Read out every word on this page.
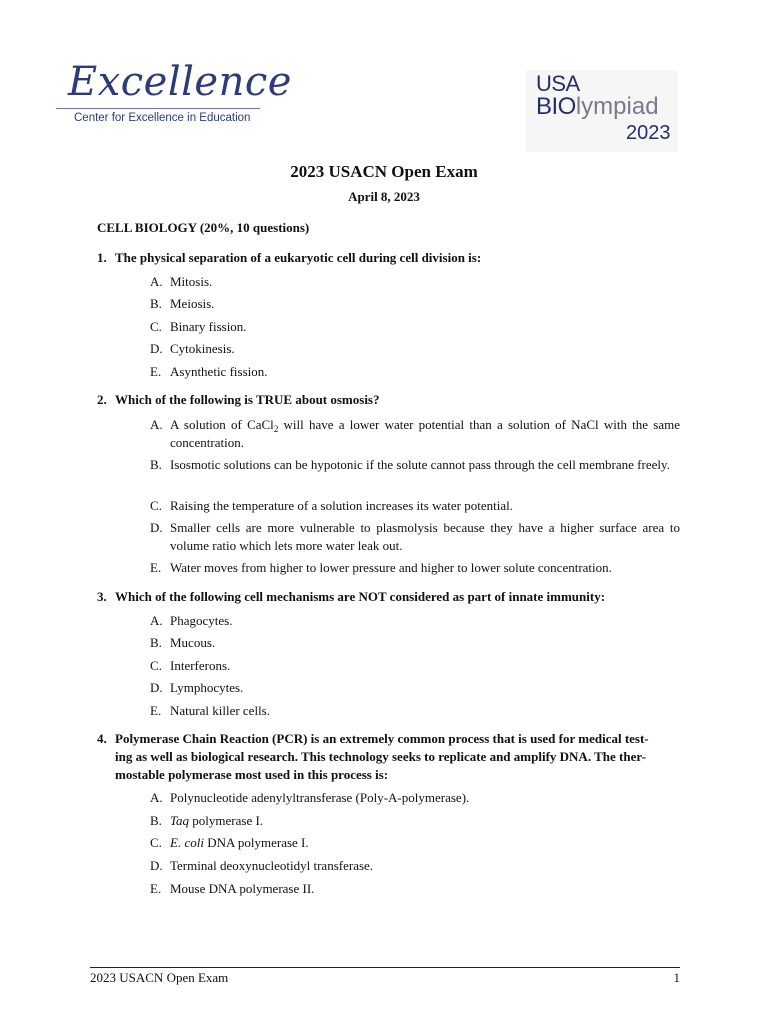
Excellence
Center for Excellence in Education
USA
BIOlympiad
2023
2023 USACN Open Exam
April 8, 2023
CELL BIOLOGY (20%, 10 questions)
1. The physical separation of a eukaryotic cell during cell division is:
A. Mitosis.
B. Meiosis.
C. Binary fission.
D. Cytokinesis.
E. Asynthetic fission.
2. Which of the following is TRUE about osmosis?
A. A solution of CaCl$_2$ will have a lower water potential than a solution of NaCl with the same concentration.
B. Isosmotic solutions can be hypotonic if the solute cannot pass through the cell membrane freely.
C. Raising the temperature of a solution increases its water potential.
D. Smaller cells are more vulnerable to plasmolysis because they have a higher surface area to volume ratio which lets more water leak out.
E. Water moves from higher to lower pressure and higher to lower solute concentration.
3. Which of the following cell mechanisms are NOT considered as part of innate immunity:
A. Phagocytes.
B. Mucous.
C. Interferons.
D. Lymphocytes.
E. Natural killer cells.
4. Polymerase Chain Reaction (PCR) is an extremely common process that is used for medical test-
ing as well as biological research. This technology seeks to replicate and amplify DNA. The ther-
mostable polymerase most used in this process is:
A. Polynucleotide adenylyltransferase (Poly-A-polymerase).
B. Taq polymerase I.
C. E. coli DNA polymerase I.
D. Terminal deoxynucleotidyl transferase.
E. Mouse DNA polymerase II.
2023 USACN Open Exam	1
